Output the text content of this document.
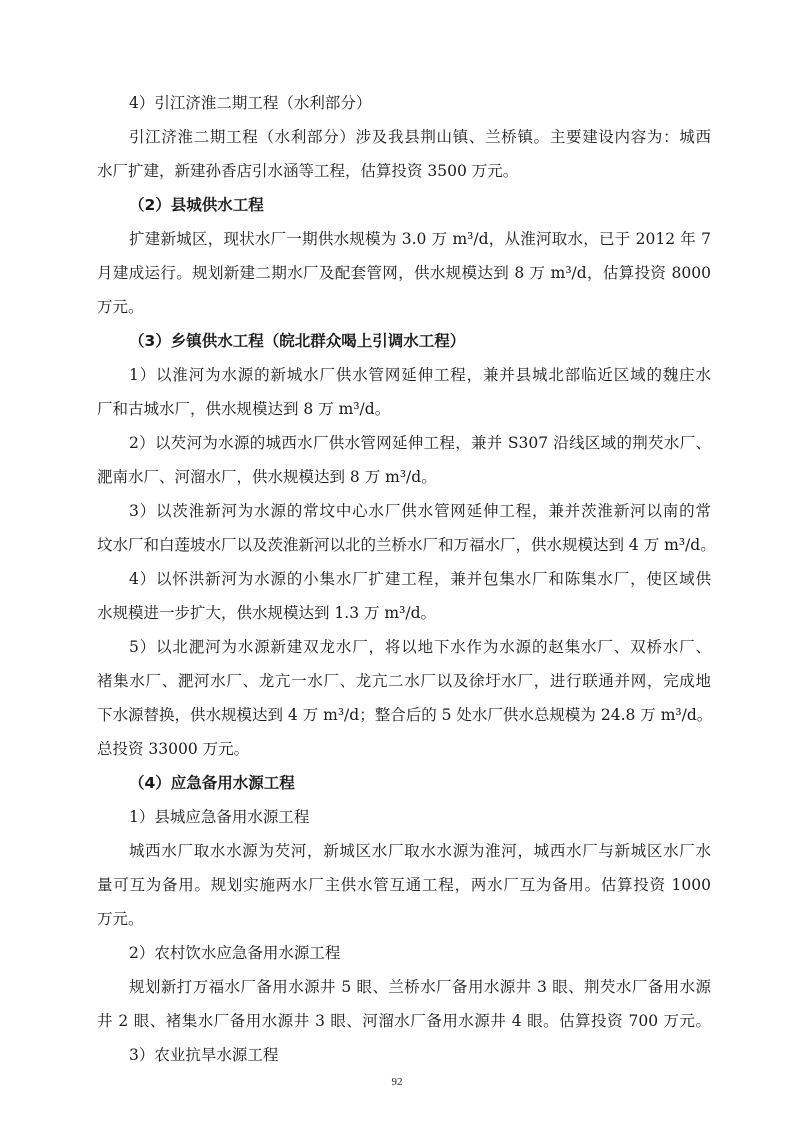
4）引江济淮二期工程（水利部分）
引江济淮二期工程（水利部分）涉及我县荆山镇、兰桥镇。主要建设内容为：城西
水厂扩建，新建孙香店引水涵等工程，估算投资 3500 万元。
（2）县城供水工程
扩建新城区，现状水厂一期供水规模为 3.0 万 m³/d，从淮河取水，已于 2012 年 7
月建成运行。规划新建二期水厂及配套管网，供水规模达到 8 万 m³/d，估算投资 8000
万元。
（3）乡镇供水工程（皖北群众喝上引调水工程）
1）以淮河为水源的新城水厂供水管网延伸工程，兼并县城北部临近区域的魏庄水
厂和古城水厂，供水规模达到 8 万 m³/d。
2）以芡河为水源的城西水厂供水管网延伸工程，兼并 S307 沿线区域的荆芡水厂、
淝南水厂、河溜水厂，供水规模达到 8 万 m³/d。
3）以茨淮新河为水源的常坟中心水厂供水管网延伸工程，兼并茨淮新河以南的常
坟水厂和白莲坡水厂以及茨淮新河以北的兰桥水厂和万福水厂，供水规模达到 4 万 m³/d。
4）以怀洪新河为水源的小集水厂扩建工程，兼并包集水厂和陈集水厂，使区域供
水规模进一步扩大，供水规模达到 1.3 万 m³/d。
5）以北淝河为水源新建双龙水厂，将以地下水作为水源的赵集水厂、双桥水厂、
褚集水厂、淝河水厂、龙亢一水厂、龙亢二水厂以及徐圩水厂，进行联通并网，完成地
下水源替换，供水规模达到 4 万 m³/d；整合后的 5 处水厂供水总规模为 24.8 万 m³/d。
总投资 33000 万元。
（4）应急备用水源工程
1）县城应急备用水源工程
城西水厂取水水源为芡河，新城区水厂取水水源为淮河，城西水厂与新城区水厂水
量可互为备用。规划实施两水厂主供水管互通工程，两水厂互为备用。估算投资 1000
万元。
2）农村饮水应急备用水源工程
规划新打万福水厂备用水源井 5 眼、兰桥水厂备用水源井 3 眼、荆芡水厂备用水源
井 2 眼、褚集水厂备用水源井 3 眼、河溜水厂备用水源井 4 眼。估算投资 700 万元。
3）农业抗旱水源工程
92
